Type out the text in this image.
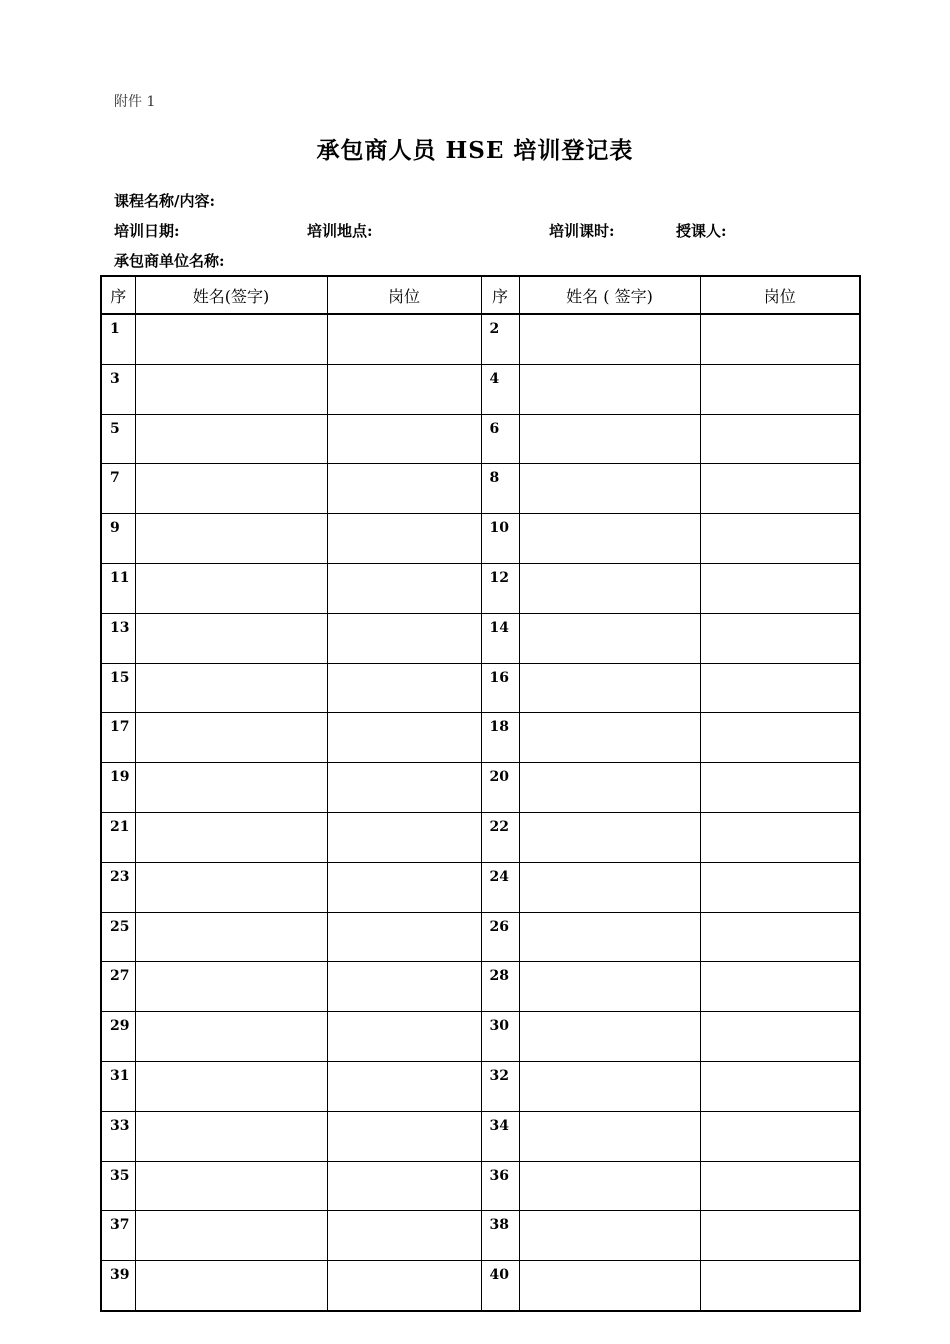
附件 1
承包商人员 HSE 培训登记表
课程名称/内容:
培训日期:	培训地点:	培训课时:	授课人:
承包商单位名称:
序	姓名(签字)	岗位	序	姓名 ( 签字)	岗位
1			2		
3			4		
5			6		
7			8		
9			10		
11			12		
13			14		
15			16		
17			18		
19			20		
21			22		
23			24		
25			26		
27			28		
29			30		
31			32		
33			34		
35			36		
37			38		
39			40		
